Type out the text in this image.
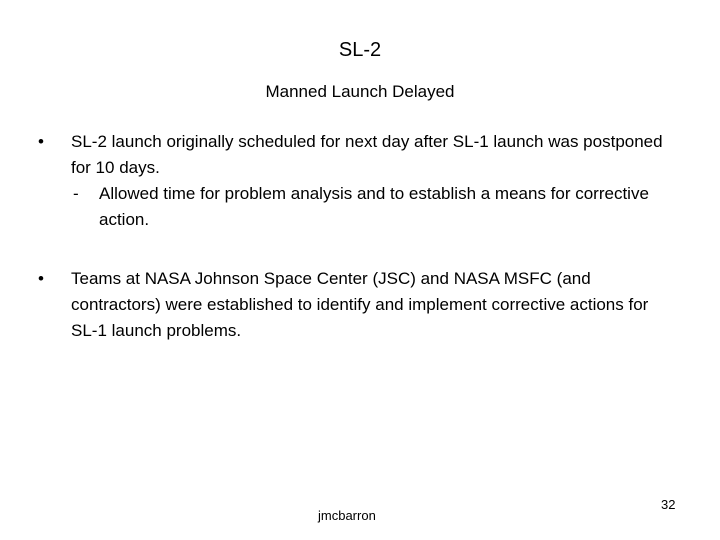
SL-2
Manned Launch Delayed
• SL-2 launch originally scheduled for next day after SL-1 launch was postponed for 10 days.
- Allowed time for problem analysis and to establish a means for corrective action.
• Teams at NASA Johnson Space Center (JSC) and NASA MSFC (and contractors) were established to identify and implement corrective actions for SL-1 launch problems.
jmcbarron
32
